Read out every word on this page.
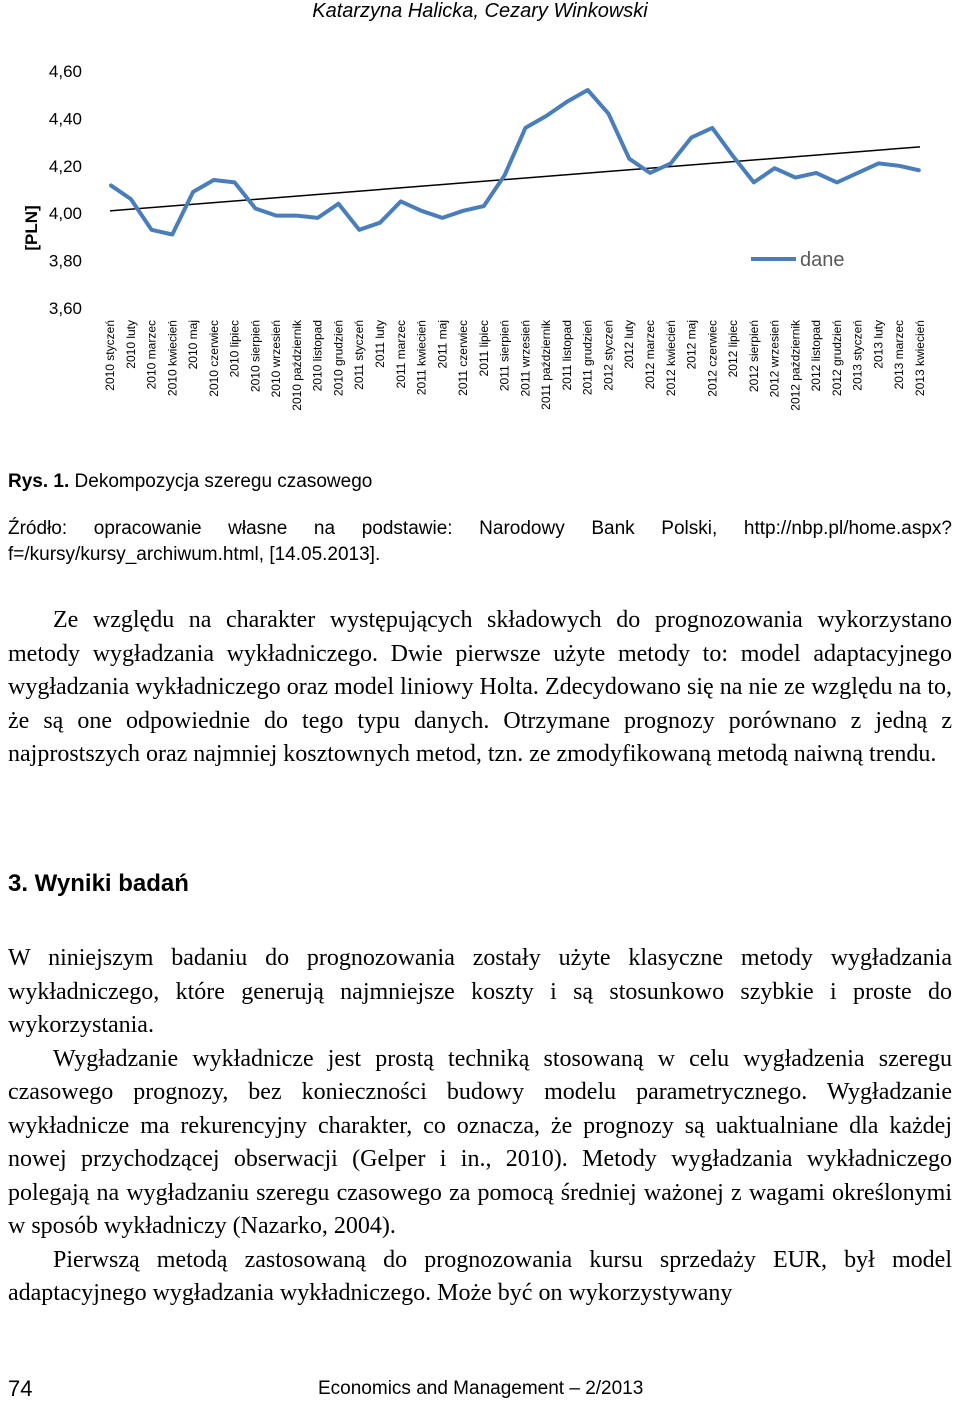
Katarzyna Halicka, Cezary Winkowski
4,60
4,40
4,20
4,00
3,80
3,60
2010 styczeń 2010 luty 2010 marzec 2010 kwiecień 2010 maj 2010 czerwiec 2010 lipiec 2010 sierpień 2010 wrzesień 2010 październik 2010 listopad 2010 grudzień 2011 styczeń 2011 luty 2011 marzec 2011 kwiecień 2011 maj 2011 czerwiec 2011 lipiec 2011 sierpień 2011 wrzesień 2011 październik 2011 listopad 2011 grudzień 2012 styczeń 2012 luty 2012 marzec 2012 kwiecień 2012 maj 2012 czerwiec 2012 lipiec 2012 sierpień 2012 wrzesień 2012 październik 2012 listopad 2012 grudzień 2013 styczeń 2013 luty 2013 marzec 2013 kwiecień
[PLN]
dane
Rys. 1. Dekompozycja szeregu czasowego
Źródło: opracowanie własne na podstawie: Narodowy Bank Polski, http://nbp.pl/home.aspx?f=/kursy/kursy_archiwum.html, [14.05.2013].

Ze względu na charakter występujących składowych do prognozowania wykorzystano metody wygładzania wykładniczego. Dwie pierwsze użyte metody to: model adaptacyjnego wygładzania wykładniczego oraz model liniowy Holta. Zdecydowano się na nie ze względu na to, że są one odpowiednie do tego typu danych. Otrzymane prognozy porównano z jedną z najprostszych oraz najmniej kosztownych metod, tzn. ze zmodyfikowaną metodą naiwną trendu.

3. Wyniki badań

W niniejszym badaniu do prognozowania zostały użyte klasyczne metody wygładzania wykładniczego, które generują najmniejsze koszty i są stosunkowo szybkie i proste do wykorzystania.

Wygładzanie wykładnicze jest prostą techniką stosowaną w celu wygładzenia szeregu czasowego prognozy, bez konieczności budowy modelu parametrycznego. Wygładzanie wykładnicze ma rekurencyjny charakter, co oznacza, że prognozy są uaktualniane dla każdej nowej przychodzącej obserwacji (Gelper i in., 2010). Metody wygładzania wykładniczego polegają na wygładzaniu szeregu czasowego za pomocą średniej ważonej z wagami określonymi w sposób wykładniczy (Nazarko, 2004).

Pierwszą metodą zastosowaną do prognozowania kursu sprzedaży EUR, był model adaptacyjnego wygładzania wykładniczego. Może być on wykorzystywany

74	Economics and Management – 2/2013
